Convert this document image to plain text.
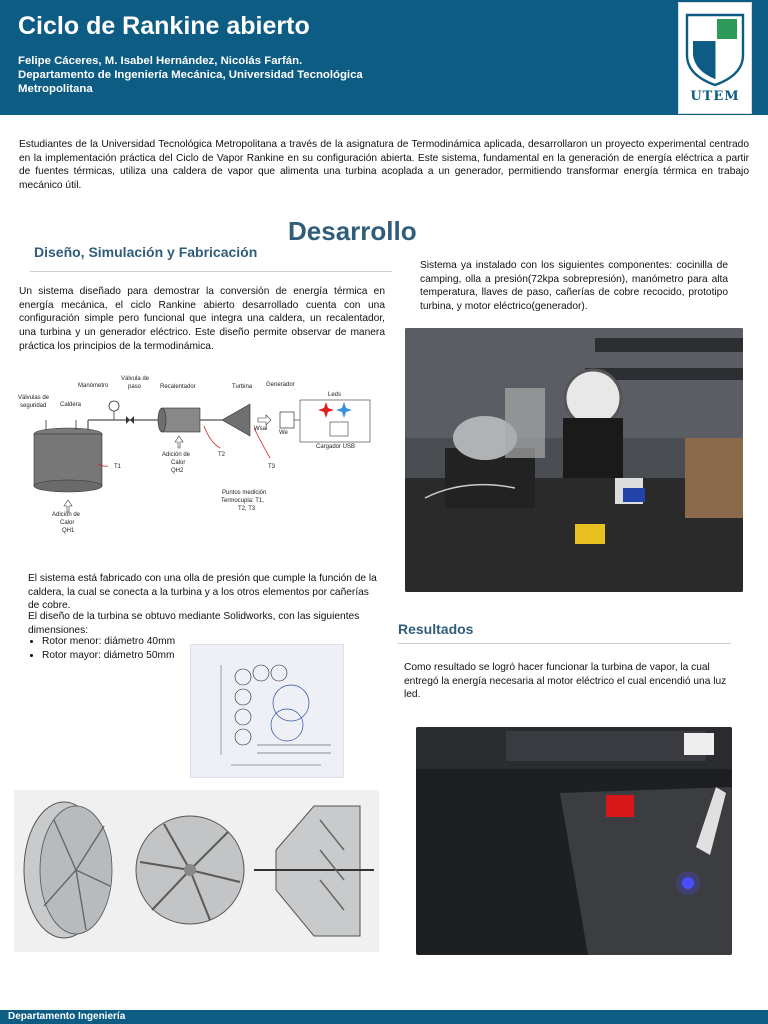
Ciclo de Rankine abierto
Felipe Cáceres, M. Isabel Hernández, Nicolás Farfán.
Departamento de Ingeniería Mecánica, Universidad Tecnológica
Metropolitana	UTEM
Estudiantes de la Universidad Tecnológica Metropolitana a través de la asignatura de Termodinámica aplicada, desarrollaron un proyecto experimental centrado en la implementación práctica del Ciclo de Vapor Rankine en su configuración abierta. Este sistema, fundamental en la generación de energía eléctrica a partir de fuentes térmicas, utiliza una caldera de vapor que alimenta una turbina acoplada a un generador, permitiendo transformar energía térmica en trabajo mecánico útil.
Desarrollo
Diseño, Simulación y Fabricación
Un sistema diseñado para demostrar la conversión de energía térmica en energía mecánica, el ciclo Rankine abierto desarrollado cuenta con una configuración simple pero funcional que integra una caldera, un recalentador, una turbina y un generador eléctrico. Este diseño permite observar de manera práctica los principios de la termodinámica.
Válvulas de
seguridad
Manómetro
Válvula de
paso
Caldera
Recalentador	Turbina Generador
Leds
Wsal
We
Cargador USB
T1
T2
T3
Adición de
Calor
QH2
Adición de
Calor
QH1
Puntos medición
Termocupla: T1,
T2, T3
Sistema ya instalado con los siguientes componentes: cocinilla de camping, olla a presión(72kpa sobrepresión), manómetro para alta temperatura, llaves de paso, cañerías de cobre recocido, prototipo turbina, y motor eléctrico(generador).
El sistema está fabricado con una olla de presión que cumple la función de la caldera, la cual se conecta a la turbina y a los otros elementos por cañerías de cobre.
El diseño de la turbina se obtuvo mediante Solidworks, con las siguientes dimensiones:
• Rotor menor: diámetro 40mm
• Rotor mayor: diámetro 50mm
Resultados
Como resultado se logró hacer funcionar la turbina de vapor, la cual entregó la energía necesaria al motor eléctrico el cual encendió una luz led.
Departamento Ingeniería
